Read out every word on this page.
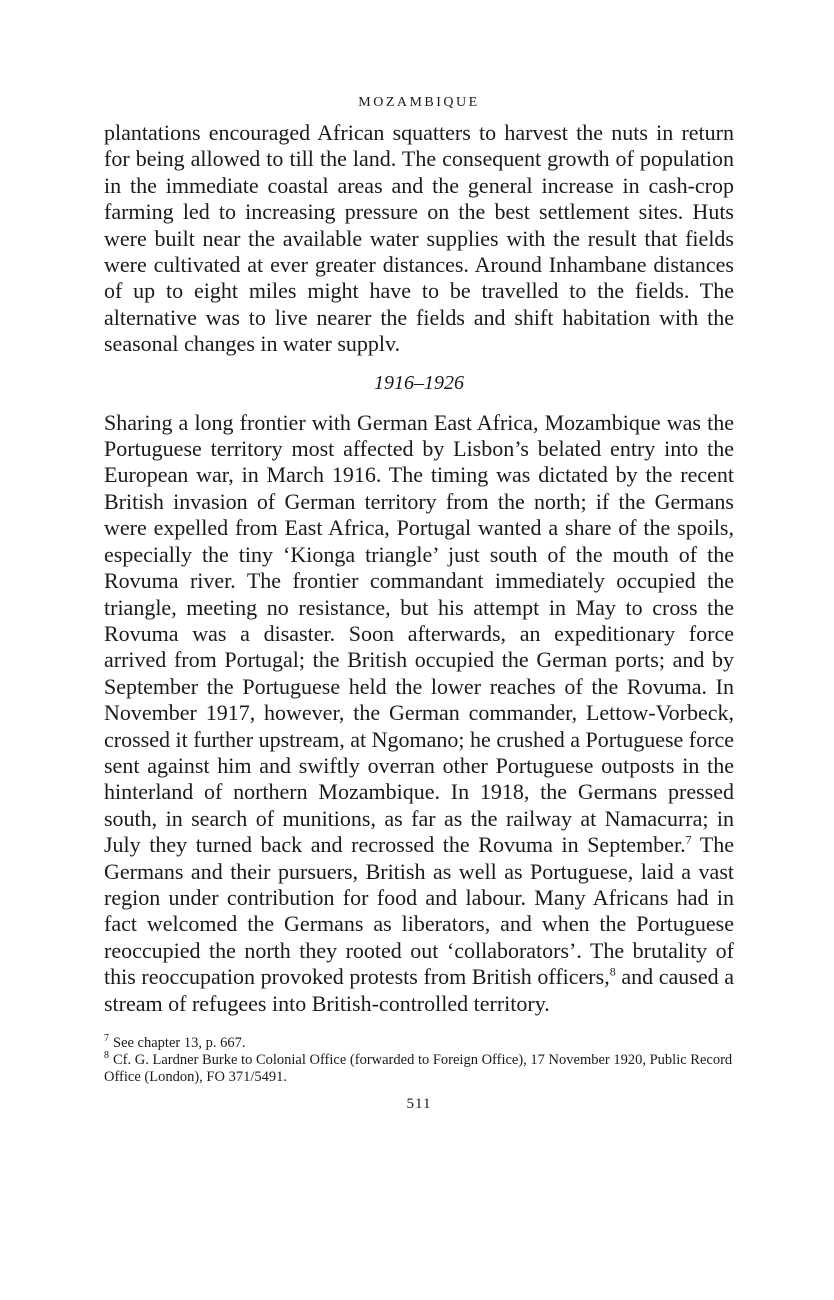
MOZAMBIQUE

plantations encouraged African squatters to harvest the nuts in return for being allowed to till the land. The consequent growth of population in the immediate coastal areas and the general increase in cash-crop farming led to increasing pressure on the best settlement sites. Huts were built near the available water supplies with the result that fields were cultivated at ever greater distances. Around Inhambane distances of up to eight miles might have to be travelled to the fields. The alternative was to live nearer the fields and shift habitation with the seasonal changes in water supplv.

1916–1926

Sharing a long frontier with German East Africa, Mozambique was the Portuguese territory most affected by Lisbon’s belated entry into the European war, in March 1916. The timing was dictated by the recent British invasion of German territory from the north; if the Germans were expelled from East Africa, Portugal wanted a share of the spoils, especially the tiny ‘Kionga triangle’ just south of the mouth of the Rovuma river. The frontier commandant immediately occupied the triangle, meeting no resistance, but his attempt in May to cross the Rovuma was a disaster. Soon afterwards, an expeditionary force arrived from Portugal; the British occupied the German ports; and by September the Portuguese held the lower reaches of the Rovuma. In November 1917, however, the German commander, Lettow-Vorbeck, crossed it further upstream, at Ngomano; he crushed a Portuguese force sent against him and swiftly overran other Portuguese outposts in the hinterland of northern Mozambique. In 1918, the Germans pressed south, in search of munitions, as far as the railway at Namacurra; in July they turned back and recrossed the Rovuma in September.$^7$ The Germans and their pursuers, British as well as Portuguese, laid a vast region under contribution for food and labour. Many Africans had in fact welcomed the Germans as liberators, and when the Portuguese reoccupied the north they rooted out ‘collaborators’. The brutality of this reoccupation provoked protests from British officers,$^8$ and caused a stream of refugees into British-controlled territory.

$^7$ See chapter 13, p. 667.

$^8$ Cf. G. Lardner Burke to Colonial Office (forwarded to Foreign Office), 17 November 1920, Public Record Office (London), FO 371/5491.

511
